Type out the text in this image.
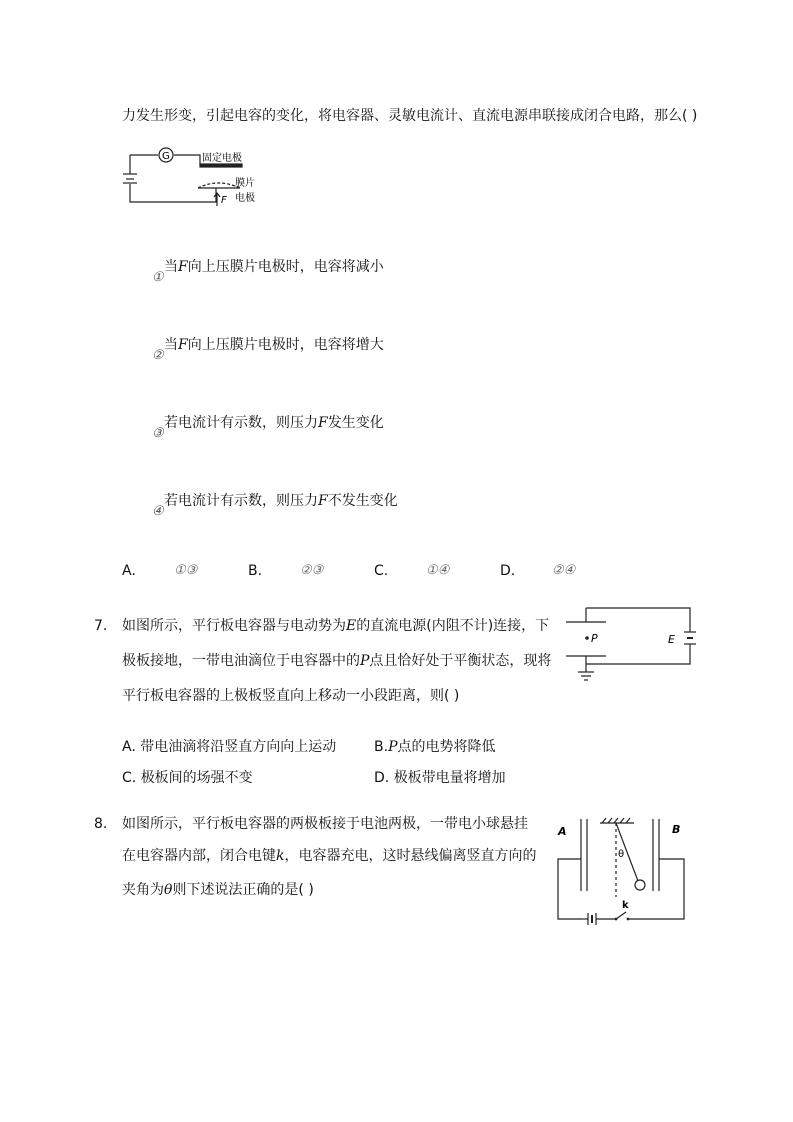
力发生形变，引起电容的变化，将电容器、灵敏电流计、直流电源串联接成闭合电路，那么( )
G	固定电极
膜片
电极
F
①
当F向上压膜片电极时，电容将减小
②
当F向上压膜片电极时，电容将增大
③
若电流计有示数，则压力F发生变化
④
若电流计有示数，则压力F不发生变化
A.	①③	B.	②③	C.	①④	D.	②④
7. 如图所示，平行板电容器与电动势为E的直流电源(内阻不计)连接，下
极板接地，一带电油滴位于电容器中的P点且恰好处于平衡状态，现将
平行板电容器的上极板竖直向上移动一小段距离，则( )
P	E
A. 带电油滴将沿竖直方向向上运动	B.P点的电势将降低
C. 极板间的场强不变	D. 极板带电量将增加
8. 如图所示，平行板电容器的两极板接于电池两极，一带电小球悬挂
在电容器内部，闭合电键k，电容器充电，这时悬线偏离竖直方向的
夹角为θ则下述说法正确的是( )
A	B
θ
k
